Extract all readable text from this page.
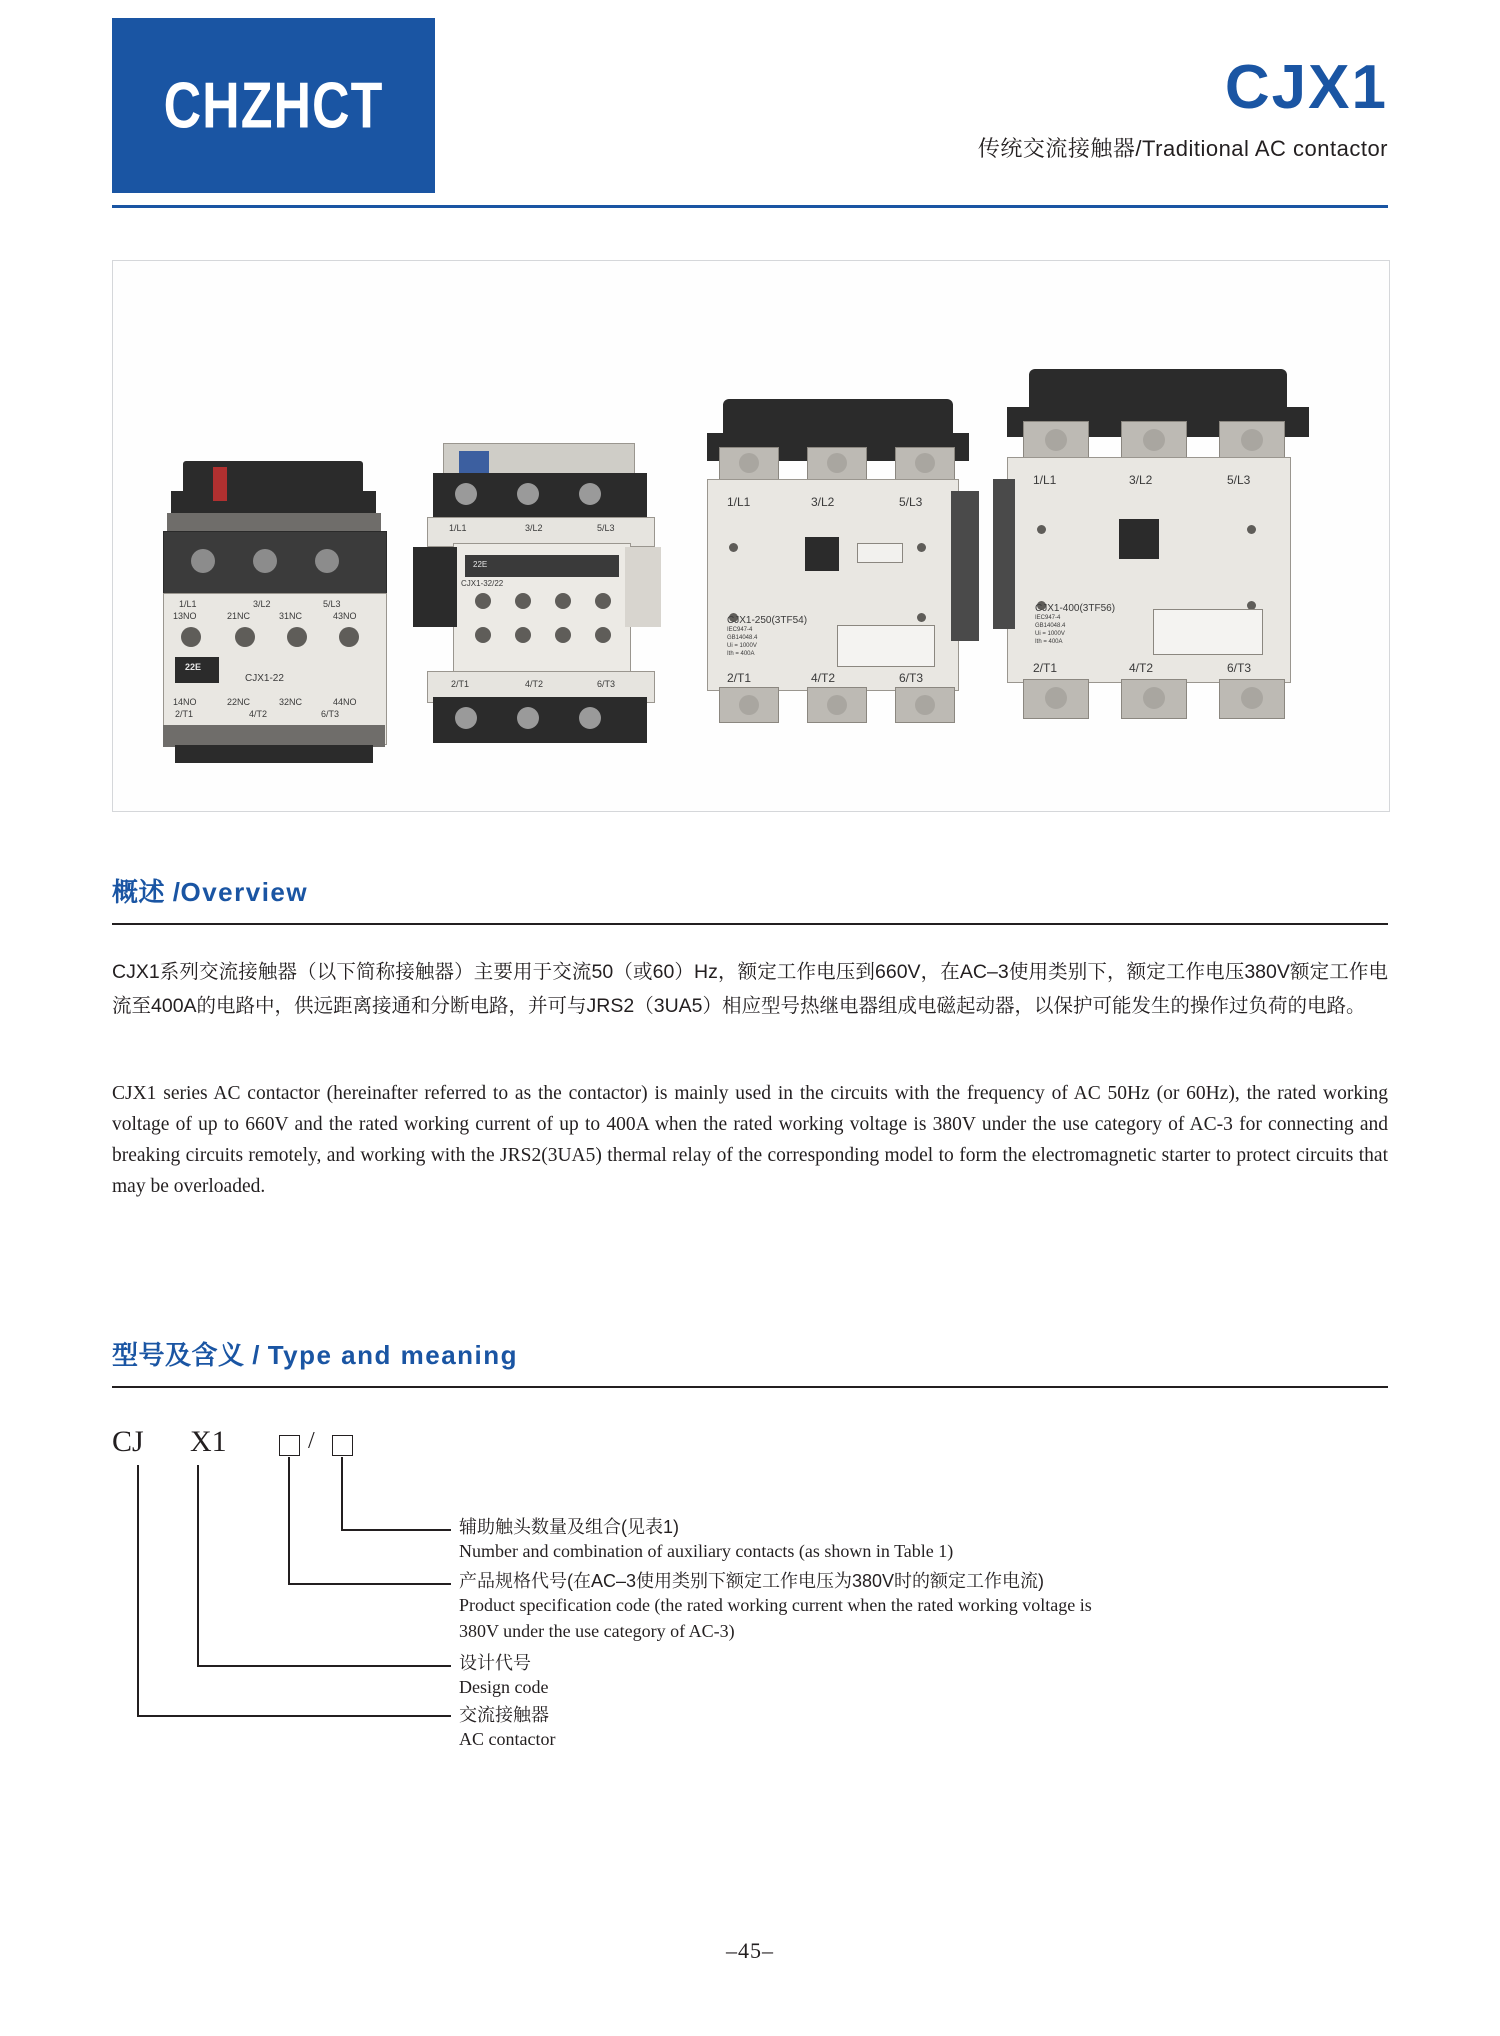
CHZHCT	CJX1
传统交流接触器/Traditional AC contactor
1/L1	3/L2	5/L3
13NO	21NC	31NC	43NO
22E
CJX1-22
14NO	22NC	32NC	44NO
2/T1	4/T2	6/T3
1/L1	3/L2	5/L3
22E
CJX1-32/22
2/T1	4/T2	6/T3
1/L1	3/L2	5/L3
CJX1-250(3TF54)
IEC947-4
GB14048.4
Ui = 1000V
Ith = 400A
2/T1	4/T2	6/T3
1/L1	3/L2	5/L3
CJX1-400(3TF56)
IEC947-4
GB14048.4
Ui = 1000V
Ith = 400A
2/T1	4/T2	6/T3
概述 /Overview
CJX1系列交流接触器（以下简称接触器）主要用于交流50（或60）Hz，额定工作电压到660V，在AC–3使用类别下，额定工作电压380V额定工作电流至400A的电路中，供远距离接通和分断电路，并可与JRS2（3UA5）相应型号热继电器组成电磁起动器，以保护可能发生的操作过负荷的电路。
CJX1 series AC contactor (hereinafter referred to as the contactor) is mainly used in the circuits with the frequency of AC 50Hz (or 60Hz), the rated working voltage of up to 660V and the rated working current of up to 400A when the rated working voltage is 380V under the use category of AC-3 for connecting and breaking circuits remotely, and working with the JRS2(3UA5) thermal relay of the corresponding model to form the electromagnetic starter to protect circuits that may be overloaded.
型号及含义 / Type and meaning
CJ X1	/
辅助触头数量及组合(见表1)
Number and combination of auxiliary contacts (as shown in Table 1)
产品规格代号(在AC–3使用类别下额定工作电压为380V时的额定工作电流)
Product specification code (the rated working current when the rated working voltage is
380V under the use category of AC-3)
设计代号
Design code
交流接触器
AC contactor
–45–
